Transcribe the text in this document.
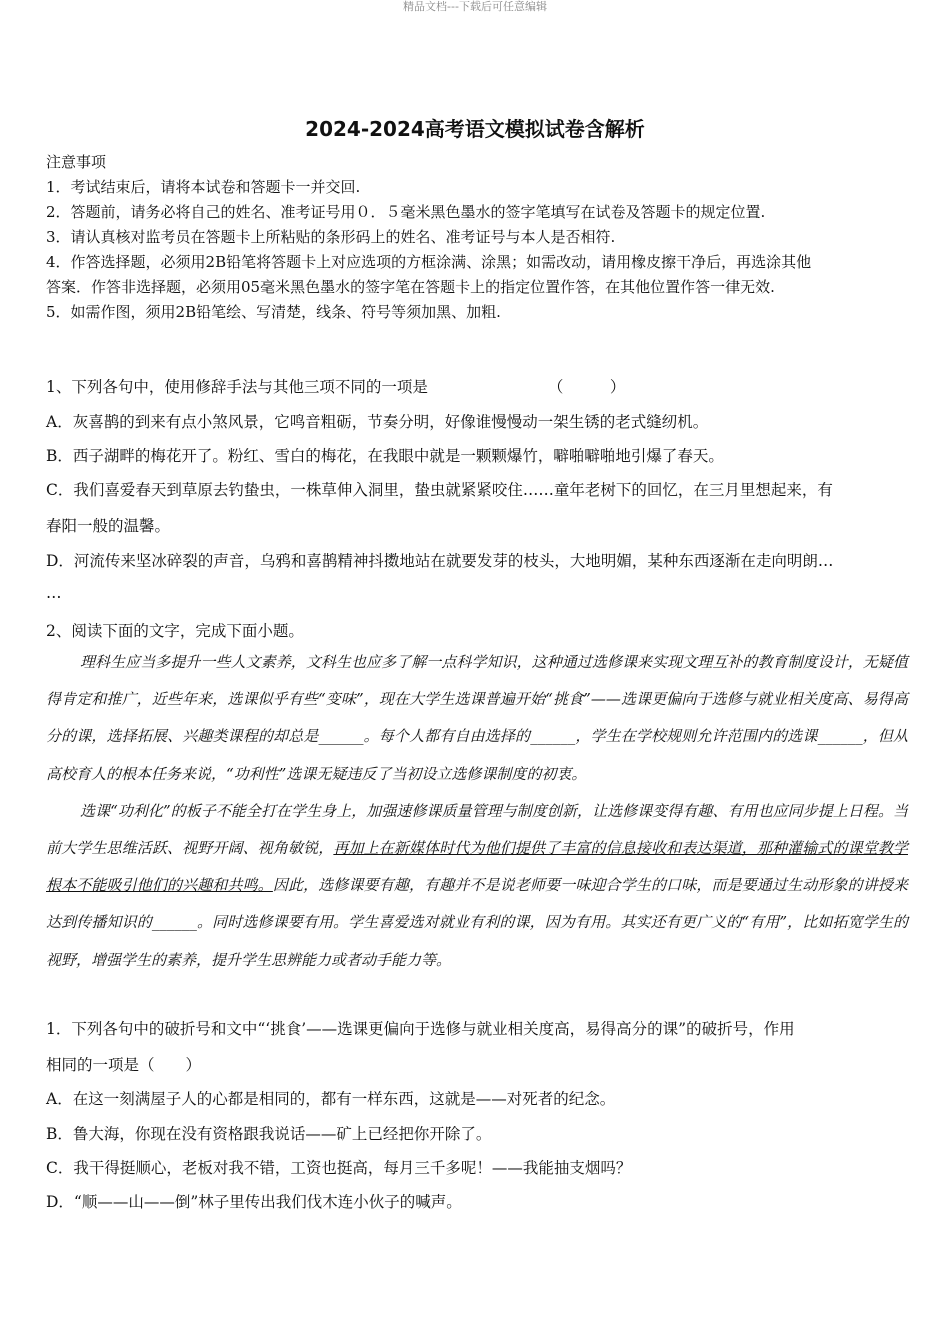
精品文档---下载后可任意编辑
2024-2024高考语文模拟试卷含解析
注意事项
1．考试结束后，请将本试卷和答题卡一并交回.
2．答题前，请务必将自己的姓名、准考证号用０．５毫米黑色墨水的签字笔填写在试卷及答题卡的规定位置.
3．请认真核对监考员在答题卡上所粘贴的条形码上的姓名、准考证号与本人是否相符.
4．作答选择题，必须用2B铅笔将答题卡上对应选项的方框涂满、涂黑；如需改动，请用橡皮擦干净后，再选涂其他
答案．作答非选择题，必须用05毫米黑色墨水的签字笔在答题卡上的指定位置作答，在其他位置作答一律无效.
5．如需作图，须用2B铅笔绘、写清楚，线条、符号等须加黑、加粗.
1、下列各句中，使用修辞手法与其他三项不同的一项是	（　　　）
A．灰喜鹊的到来有点小煞风景，它鸣音粗砺，节奏分明，好像谁慢慢动一架生锈的老式缝纫机。
B．西子湖畔的梅花开了。粉红、雪白的梅花，在我眼中就是一颗颗爆竹，噼啪噼啪地引爆了春天。
C．我们喜爱春天到草原去钓蛰虫，一株草伸入洞里，蛰虫就紧紧咬住……童年老树下的回忆，在三月里想起来，有
春阳一般的温馨。
D．河流传来坚冰碎裂的声音，乌鸦和喜鹊精神抖擞地站在就要发芽的枝头，大地明媚，某种东西逐渐在走向明朗…
…
2、阅读下面的文字，完成下面小题。

理科生应当多提升一些人文素养，文科生也应多了解一点科学知识，这种通过选修课来实现文理互补的教育制度设计，无疑值得肯定和推广，近些年来，选课似乎有些“变味”，现在大学生选课普遍开始“挑食”——选课更偏向于选修与就业相关度高、易得高分的课，选择拓展、兴趣类课程的却总是______。每个人都有自由选择的______，学生在学校规则允许范围内的选课______，但从高校育人的根本任务来说，“功利性”选课无疑违反了当初设立选修课制度的初衷。

选课“功利化”的板子不能全打在学生身上，加强速修课质量管理与制度创新，让选修课变得有趣、有用也应同步提上日程。当前大学生思维活跃、视野开阔、视角敏锐，再加上在新媒体时代为他们提供了丰富的信息接收和表达渠道，那种灌输式的课堂教学根本不能吸引他们的兴趣和共鸣。因此，选修课要有趣，有趣并不是说老师要一味迎合学生的口味，而是要通过生动形象的讲授来达到传播知识的______。同时选修课要有用。学生喜爱选对就业有利的课，因为有用。其实还有更广义的“有用”，比如拓宽学生的视野，增强学生的素养，提升学生思辨能力或者动手能力等。

1．下列各句中的破折号和文中“‘挑食’——选课更偏向于选修与就业相关度高，易得高分的课”的破折号，作用
相同的一项是（　　）
A．在这一刻满屋子人的心都是相同的，都有一样东西，这就是——对死者的纪念。
B．鲁大海，你现在没有资格跟我说话——矿上已经把你开除了。
C．我干得挺顺心，老板对我不错，工资也挺高，每月三千多呢！——我能抽支烟吗？
D．“顺——山——倒”林子里传出我们伐木连小伙子的喊声。
